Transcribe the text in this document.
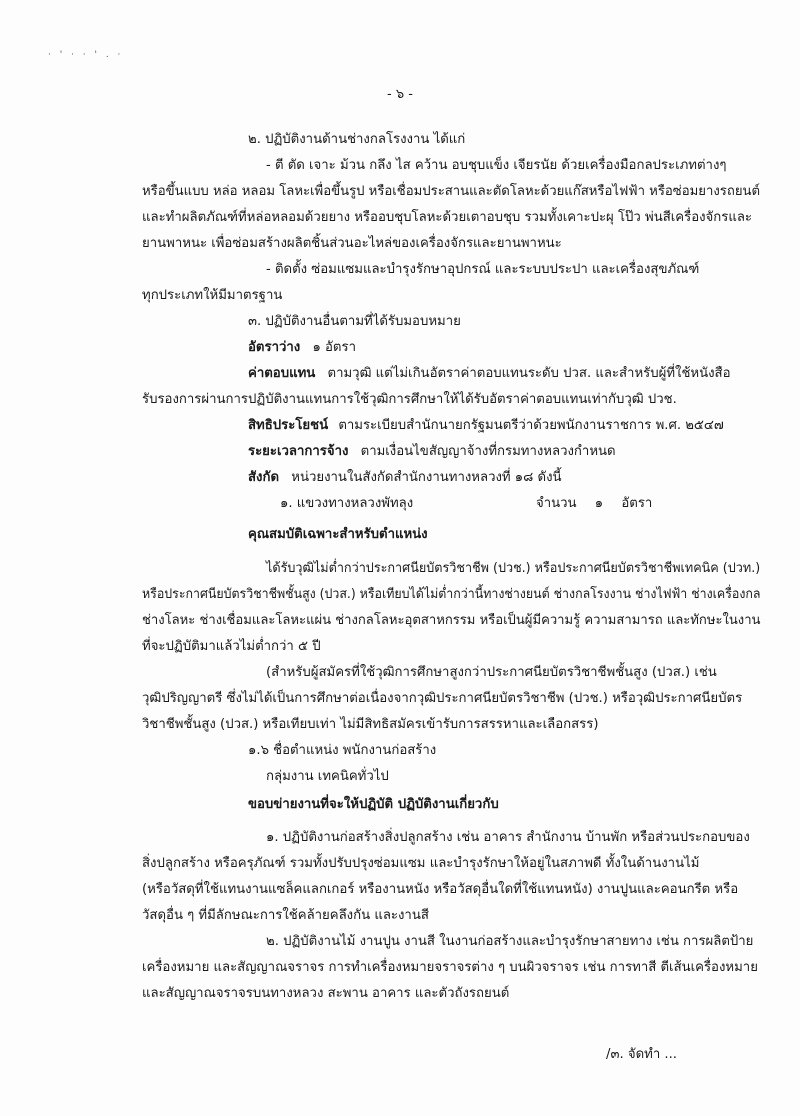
· ' · · ' . ·
- ๖ -
๒. ปฏิบัติงานด้านช่างกลโรงงาน ได้แก่
- ตี ตัด เจาะ ม้วน กลึง ไส คว้าน อบชุบแข็ง เจียรนัย ด้วยเครื่องมือกลประเภทต่างๆ
หรือขึ้นแบบ หล่อ หลอม โลหะเพื่อขึ้นรูป หรือเชื่อมประสานและตัดโลหะด้วยแก๊สหรือไฟฟ้า หรือซ่อมยางรถยนต์
และทำผลิตภัณฑ์ที่หล่อหลอมด้วยยาง หรืออบชุบโลหะด้วยเตาอบชุบ รวมทั้งเคาะปะผุ โป๊ว พ่นสีเครื่องจักรและ
ยานพาหนะ เพื่อซ่อมสร้างผลิตชิ้นส่วนอะไหล่ของเครื่องจักรและยานพาหนะ
- ติดตั้ง ซ่อมแซมและบำรุงรักษาอุปกรณ์ และระบบประปา และเครื่องสุขภัณฑ์
ทุกประเภทให้มีมาตรฐาน
๓. ปฏิบัติงานอื่นตามที่ได้รับมอบหมาย
อัตราว่าง ๑ อัตรา
ค่าตอบแทน ตามวุฒิ แต่ไม่เกินอัตราค่าตอบแทนระดับ ปวส. และสำหรับผู้ที่ใช้หนังสือ
รับรองการผ่านการปฏิบัติงานแทนการใช้วุฒิการศึกษาให้ได้รับอัตราค่าตอบแทนเท่ากับวุฒิ ปวช.
สิทธิประโยชน์ ตามระเบียบสำนักนายกรัฐมนตรีว่าด้วยพนักงานราชการ พ.ศ. ๒๕๔๗
ระยะเวลาการจ้าง ตามเงื่อนไขสัญญาจ้างที่กรมทางหลวงกำหนด
สังกัด หน่วยงานในสังกัดสำนักงานทางหลวงที่ ๑๘ ดังนี้
๑. แขวงทางหลวงพัทลุง	จำนวน ๑ อัตรา
คุณสมบัติเฉพาะสำหรับตำแหน่ง
ได้รับวุฒิไม่ต่ำกว่าประกาศนียบัตรวิชาชีพ (ปวช.) หรือประกาศนียบัตรวิชาชีพเทคนิค (ปวท.)
หรือประกาศนียบัตรวิชาชีพชั้นสูง (ปวส.) หรือเทียบได้ไม่ต่ำกว่านี้ทางช่างยนต์ ช่างกลโรงงาน ช่างไฟฟ้า ช่างเครื่องกล
ช่างโลหะ ช่างเชื่อมและโลหะแผ่น ช่างกลโลหะอุตสาหกรรม หรือเป็นผู้มีความรู้ ความสามารถ และทักษะในงาน
ที่จะปฏิบัติมาแล้วไม่ต่ำกว่า ๕ ปี
(สำหรับผู้สมัครที่ใช้วุฒิการศึกษาสูงกว่าประกาศนียบัตรวิชาชีพชั้นสูง (ปวส.) เช่น
วุฒิปริญญาตรี ซึ่งไม่ได้เป็นการศึกษาต่อเนื่องจากวุฒิประกาศนียบัตรวิชาชีพ (ปวช.) หรือวุฒิประกาศนียบัตร
วิชาชีพชั้นสูง (ปวส.) หรือเทียบเท่า ไม่มีสิทธิสมัครเข้ารับการสรรหาและเลือกสรร)
๑.๖ ชื่อตำแหน่ง พนักงานก่อสร้าง
กลุ่มงาน เทคนิคทั่วไป
ขอบข่ายงานที่จะให้ปฏิบัติ ปฏิบัติงานเกี่ยวกับ
๑. ปฏิบัติงานก่อสร้างสิ่งปลูกสร้าง เช่น อาคาร สำนักงาน บ้านพัก หรือส่วนประกอบของ
สิ่งปลูกสร้าง หรือครุภัณฑ์ รวมทั้งปรับปรุงซ่อมแซม และบำรุงรักษาให้อยู่ในสภาพดี ทั้งในด้านงานไม้
(หรือวัสดุที่ใช้แทนงานแซล็คแลกเกอร์ หรืองานหนัง หรือวัสดุอื่นใดที่ใช้แทนหนัง) งานปูนและคอนกรีต หรือ
วัสดุอื่น ๆ ที่มีลักษณะการใช้คล้ายคลึงกัน และงานสี
๒. ปฏิบัติงานไม้ งานปูน งานสี ในงานก่อสร้างและบำรุงรักษาสายทาง เช่น การผลิตป้าย
เครื่องหมาย และสัญญาณจราจร การทำเครื่องหมายจราจรต่าง ๆ บนผิวจราจร เช่น การทาสี ตีเส้นเครื่องหมาย
และสัญญาณจราจรบนทางหลวง สะพาน อาคาร และตัวถังรถยนต์
/๓. จัดทำ ...
